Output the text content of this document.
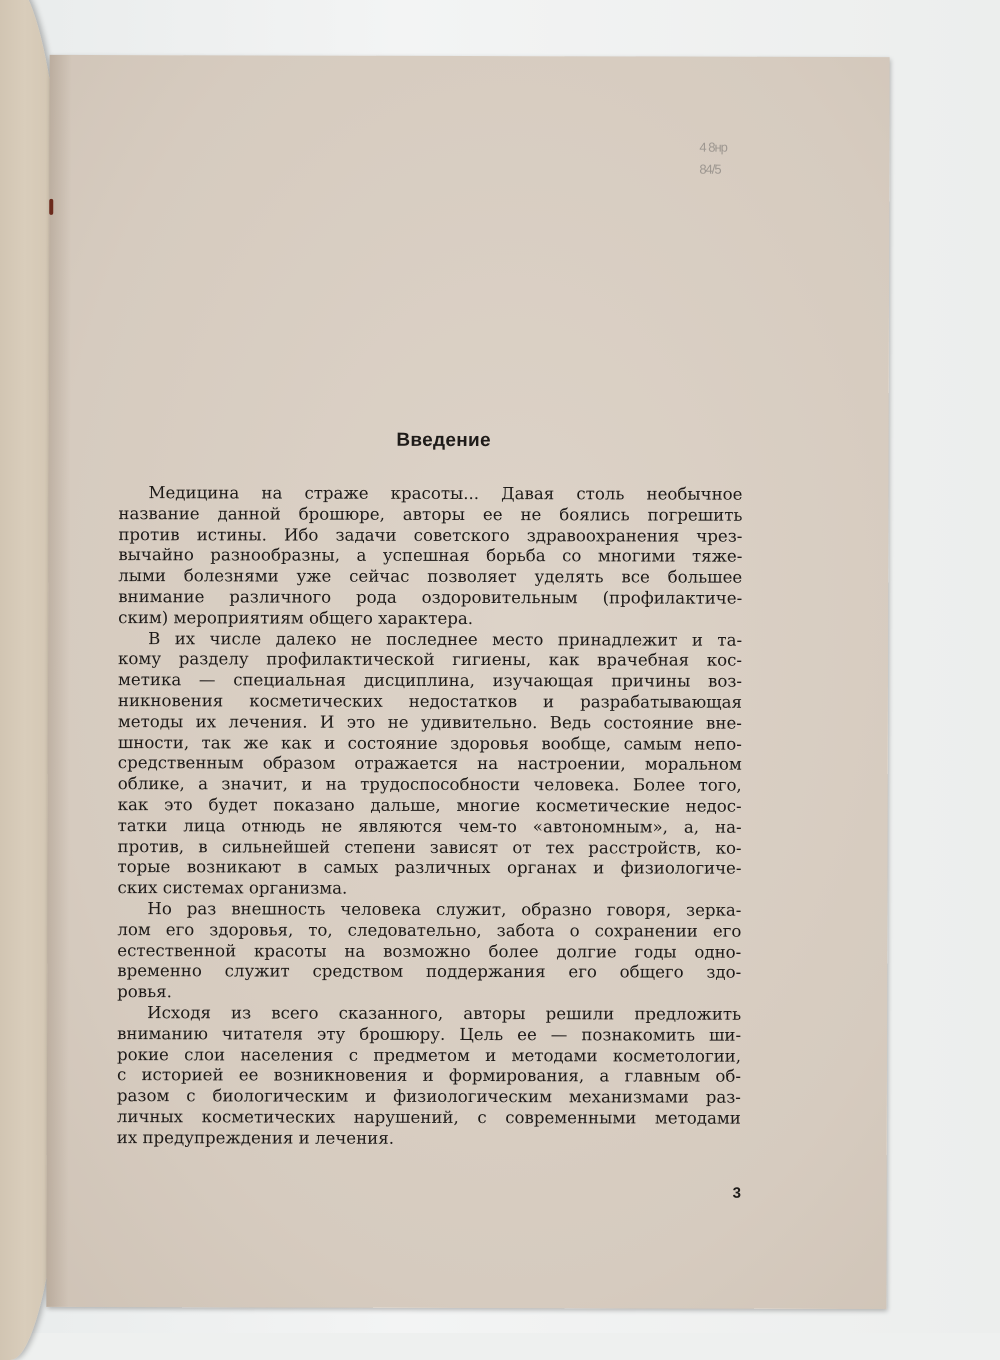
4 8нр
84/5
Введение

Медицина на страже красоты... Давая столь необычное
название данной брошюре, авторы ее не боялись погрешить
против истины. Ибо задачи советского здравоохранения чрез-
вычайно разнообразны, а успешная борьба со многими тяже-
лыми болезнями уже сейчас позволяет уделять все большее
внимание различного рода оздоровительным (профилактиче-
ским) мероприятиям общего характера.

В их числе далеко не последнее место принадлежит и та-
кому разделу профилактической гигиены, как врачебная кос-
метика — специальная дисциплина, изучающая причины воз-
никновения косметических недостатков и разрабатывающая
методы их лечения. И это не удивительно. Ведь состояние вне-
шности, так же как и состояние здоровья вообще, самым непо-
средственным образом отражается на настроении, моральном
облике, а значит, и на трудоспособности человека. Более того,
как это будет показано дальше, многие косметические недос-
татки лица отнюдь не являются чем-то «автономным», а, на-
против, в сильнейшей степени зависят от тех расстройств, ко-
торые возникают в самых различных органах и физиологиче-
ских системах организма.

Но раз внешность человека служит, образно говоря, зерка-
лом его здоровья, то, следовательно, забота о сохранении его
естественной красоты на возможно более долгие годы одно-
временно служит средством поддержания его общего здо-
ровья.

Исходя из всего сказанного, авторы решили предложить
вниманию читателя эту брошюру. Цель ее — познакомить ши-
рокие слои населения с предметом и методами косметологии,
с историей ее возникновения и формирования, а главным об-
разом с биологическим и физиологическим механизмами раз-
личных косметических нарушений, с современными методами
их предупреждения и лечения.

3
